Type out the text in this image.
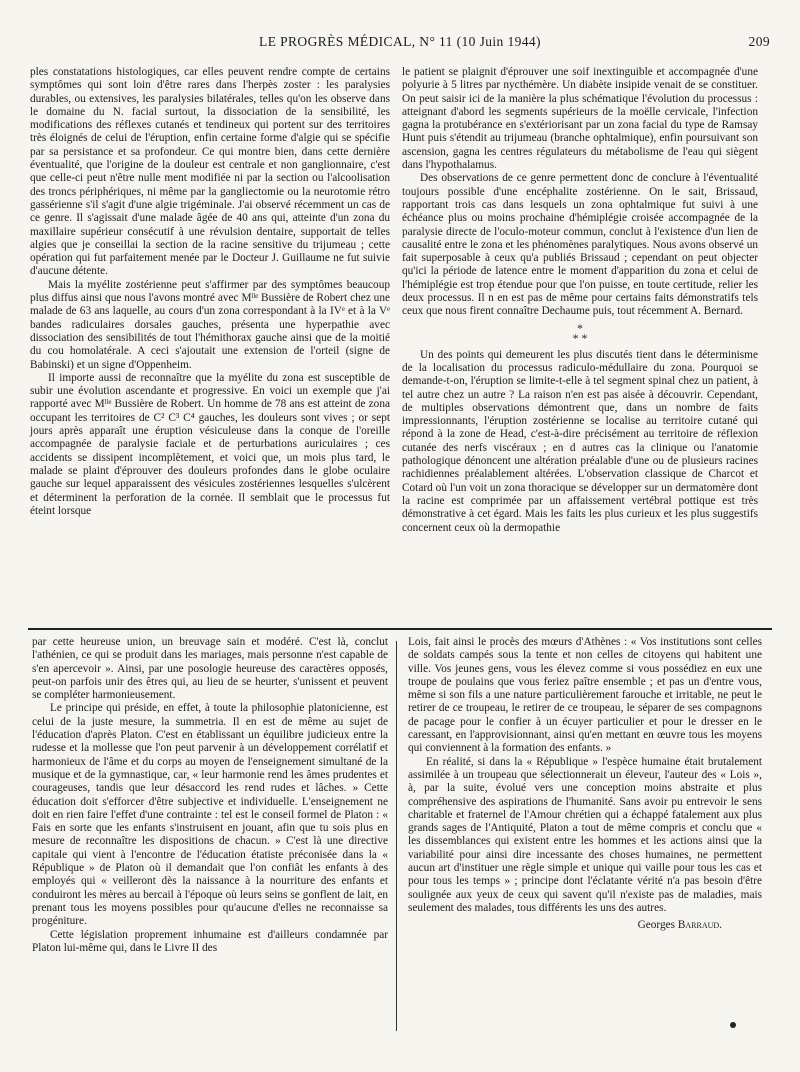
LE PROGRÈS MÉDICAL, N° 11 (10 Juin 1944)	209

ples constatations histologiques, car elles peuvent rendre compte de certains symptômes qui sont loin d'être rares dans l'herpès zoster : les paralysies durables, ou extensives, les paralysies bilatérales, telles qu'on les observe dans le domaine du N. facial surtout, la dissociation de la sensibilité, les modifications des réflexes cutanés et tendineux qui portent sur des territoires très éloignés de celui de l'éruption, enfin certaine forme d'algie qui se spécifie par sa persistance et sa profondeur. Ce qui montre bien, dans cette dernière éventualité, que l'origine de la douleur est centrale et non ganglionnaire, c'est que celle-ci peut n'être nulle ment modifiée ni par la section ou l'alcoolisation des troncs périphériques, ni même par la gangliectomie ou la neurotomie rétro gassérienne s'il s'agit d'une algie trigéminale. J'ai observé récemment un cas de ce genre. Il s'agissait d'une malade âgée de 40 ans qui, atteinte d'un zona du maxillaire supérieur consécutif à une révulsion dentaire, supportait de telles algies que je conseillai la section de la racine sensitive du trijumeau ; cette opération qui fut parfaitement menée par le Docteur J. Guillaume ne fut suivie d'aucune détente.

Mais la myélite zostérienne peut s'affirmer par des symptômes beaucoup plus diffus ainsi que nous l'avons montré avec Mˡˡᵉ Bussière de Robert chez une malade de 63 ans laquelle, au cours d'un zona correspondant à la IVᵉ et à la Vᵉ bandes radiculaires dorsales gauches, présenta une hyperpathie avec dissociation des sensibilités de tout l'hémithorax gauche ainsi que de la moitié du cou homolatérale. A ceci s'ajoutait une extension de l'orteil (signe de Babinski) et un signe d'Oppenheim.

Il importe aussi de reconnaître que la myélite du zona est susceptible de subir une évolution ascendante et progressive. En voici un exemple que j'ai rapporté avec Mˡˡᵉ Bussière de Robert. Un homme de 78 ans est atteint de zona occupant les territoires de C² C³ C⁴ gauches, les douleurs sont vives ; or sept jours après apparaît une éruption vésiculeuse dans la conque de l'oreille accompagnée de paralysie faciale et de perturbations auriculaires ; ces accidents se dissipent incomplètement, et voici que, un mois plus tard, le malade se plaint d'éprouver des douleurs profondes dans le globe oculaire gauche sur lequel apparaissent des vésicules zostériennes lesquelles s'ulcèrent et déterminent la perforation de la cornée. Il semblait que le processus fut éteint lorsque

le patient se plaignit d'éprouver une soif inextinguible et accompagnée d'une polyurie à 5 litres par nycthémère. Un diabète insipide venait de se constituer. On peut saisir ici de la manière la plus schématique l'évolution du processus : atteignant d'abord les segments supérieurs de la moëlle cervicale, l'infection gagna la protubérance en s'extériorisant par un zona facial du type de Ramsay Hunt puis s'étendit au trijumeau (branche ophtalmique), enfin poursuivant son ascension, gagna les centres régulateurs du métabolisme de l'eau qui siègent dans l'hypothalamus.

Des observations de ce genre permettent donc de conclure à l'éventualité toujours possible d'une encéphalite zostérienne. On le sait, Brissaud, rapportant trois cas dans lesquels un zona ophtalmique fut suivi à une échéance plus ou moins prochaine d'hémiplégie croisée accompagnée de la paralysie directe de l'oculo-moteur commun, conclut à l'existence d'un lien de causalité entre le zona et les phénomènes paralytiques. Nous avons observé un fait superposable à ceux qu'a publiés Brissaud ; cependant on peut objecter qu'ici la période de latence entre le moment d'apparition du zona et celui de l'hémiplégie est trop étendue pour que l'on puisse, en toute certitude, relier les deux processus. Il n en est pas de même pour certains faits démonstratifs tels ceux que nous firent connaître Dechaume puis, tout récemment A. Bernard.

*
* *

Un des points qui demeurent les plus discutés tient dans le déterminisme de la localisation du processus radiculo-médullaire du zona. Pourquoi se demande-t-on, l'éruption se limite-t-elle à tel segment spinal chez un patient, à tel autre chez un autre ? La raison n'en est pas aisée à découvrir. Cependant, de multiples observations démontrent que, dans un nombre de faits impressionnants, l'éruption zostérienne se localise au territoire cutané qui répond à la zone de Head, c'est-à-dire précisément au territoire de réflexion cutanée des nerfs viscéraux ; en d autres cas la clinique ou l'anatomie pathologique dénoncent une altération préalable d'une ou de plusieurs racines rachidiennes préalablement altérées. L'observation classique de Charcot et Cotard où l'un voit un zona thoracique se développer sur un dermatomère dont la racine est comprimée par un affaissement vertébral pottique est très démonstrative à cet égard. Mais les faits les plus curieux et les plus suggestifs concernent ceux où la dermopathie

par cette heureuse union, un breuvage sain et modéré. C'est là, conclut l'athénien, ce qui se produit dans les mariages, mais personne n'est capable de s'en apercevoir ». Ainsi, par une posologie heureuse des caractères opposés, peut-on parfois unir des êtres qui, au lieu de se heurter, s'unissent et peuvent se compléter harmonieusement.

Le principe qui préside, en effet, à toute la philosophie platonicienne, est celui de la juste mesure, la summetria. Il en est de même au sujet de l'éducation d'après Platon. C'est en établissant un équilibre judicieux entre la rudesse et la mollesse que l'on peut parvenir à un développement corrélatif et harmonieux de l'âme et du corps au moyen de l'enseignement simultané de la musique et de la gymnastique, car, « leur harmonie rend les âmes prudentes et courageuses, tandis que leur désaccord les rend rudes et lâches. » Cette éducation doit s'efforcer d'être subjective et individuelle. L'enseignement ne doit en rien faire l'effet d'une contrainte : tel est le conseil formel de Platon : « Fais en sorte que les enfants s'instruisent en jouant, afin que tu sois plus en mesure de reconnaître les dispositions de chacun. » C'est là une directive capitale qui vient à l'encontre de l'éducation étatiste préconisée dans la « République » de Platon où il demandait que l'on confiât les enfants à des employés qui « veilleront dès la naissance à la nourriture des enfants et conduiront les mères au bercail à l'époque où leurs seins se gonflent de lait, en prenant tous les moyens possibles pour qu'aucune d'elles ne reconnaisse sa progéniture.

Cette législation proprement inhumaine est d'ailleurs condamnée par Platon lui-même qui, dans le Livre II des

Lois, fait ainsi le procès des mœurs d'Athènes : « Vos institutions sont celles de soldats campés sous la tente et non celles de citoyens qui habitent une ville. Vos jeunes gens, vous les élevez comme si vous possédiez en eux une troupe de poulains que vous feriez paître ensemble ; et pas un d'entre vous, même si son fils a une nature particulièrement farouche et irritable, ne peut le retirer de ce troupeau, le retirer de ce troupeau, le séparer de ses compagnons de pacage pour le confier à un écuyer particulier et pour le dresser en le caressant, en l'approvisionnant, ainsi qu'en mettant en œuvre tous les moyens qui conviennent à la formation des enfants. »

En réalité, si dans la « République » l'espèce humaine était brutalement assimilée à un troupeau que sélectionnerait un éleveur, l'auteur des « Lois », à, par la suite, évolué vers une conception moins abstraite et plus compréhensive des aspirations de l'humanité. Sans avoir pu entrevoir le sens charitable et fraternel de l'Amour chrétien qui a échappé fatalement aux plus grands sages de l'Antiquité, Platon a tout de même compris et conclu que « les dissemblances qui existent entre les hommes et les actions ainsi que la variabilité pour ainsi dire incessante des choses humaines, ne permettent aucun art d'instituer une règle simple et unique qui vaille pour tous les cas et pour tous les temps » ; principe dont l'éclatante vérité n'a pas besoin d'être soulignée aux yeux de ceux qui savent qu'il n'existe pas de maladies, mais seulement des malades, tous différents les uns des autres.

Georges Barraud.
